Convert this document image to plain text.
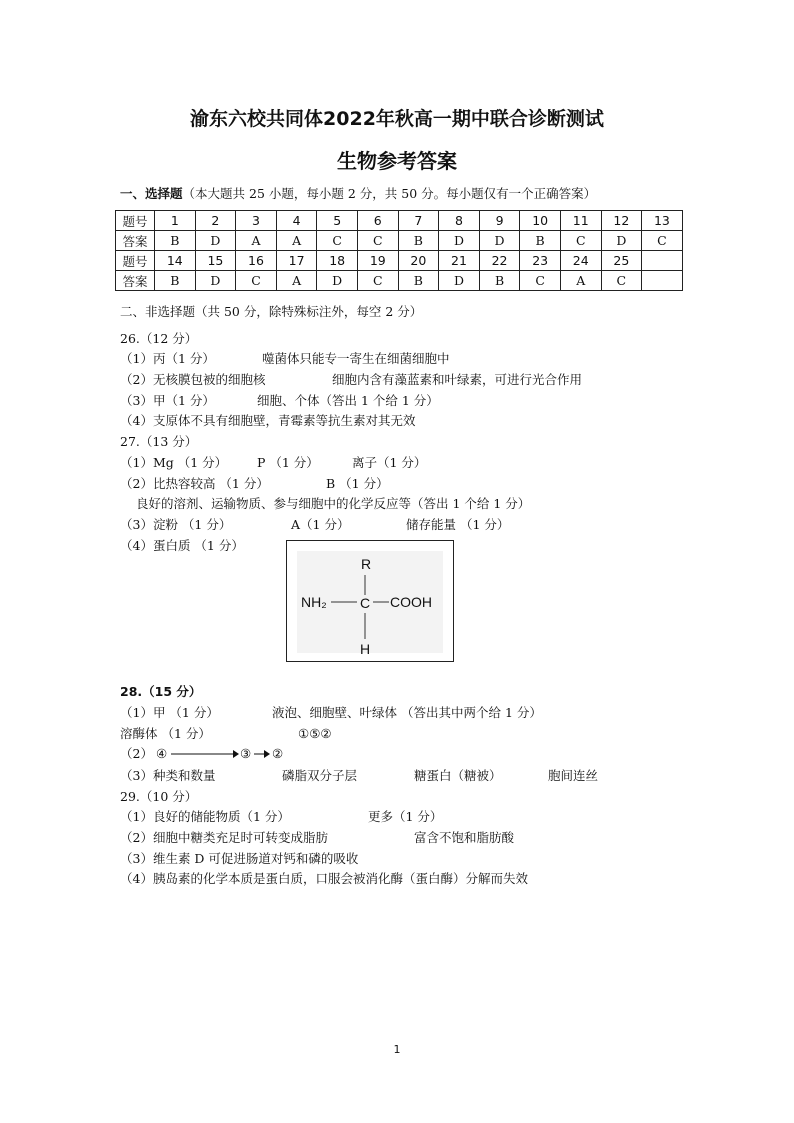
渝东六校共同体2022年秋高一期中联合诊断测试
生物参考答案
一、选择题（本大题共 25 小题，每小题 2 分，共 50 分。每小题仅有一个正确答案）
题号	1	2	3	4	5	6	7	8	9	10	11	12	13
答案	B	D	A	A	C	C	B	D	D	B	C	D	C
题号	14	15	16	17	18	19	20	21	22	23	24	25	
答案	B	D	C	A	D	C	B	D	B	C	A	C	
二、非选择题（共 50 分，除特殊标注外，每空 2 分）
26.（12 分）
（1）丙（1 分）	噬菌体只能专一寄生在细菌细胞中
（2）无核膜包被的细胞核	细胞内含有藻蓝素和叶绿素，可进行光合作用
（3）甲（1 分）	细胞、个体（答出 1 个给 1 分）
（4）支原体不具有细胞壁，青霉素等抗生素对其无效
27.（13 分）
（1）Mg （1 分） P （1 分）	离子（1 分）
（2）比热容较高 （1 分）	B （1 分）
良好的溶剂、运输物质、参与细胞中的化学反应等（答出 1 个给 1 分）
（3）淀粉 （1 分）	A（1 分）	储存能量 （1 分）
（4）蛋白质 （1 分）
R
NH₂ C COOH
H
28.（15 分）
（1）甲 （1 分）	液泡、细胞壁、叶绿体 （答出其中两个给 1 分）
溶酶体 （1 分）	①⑤②
（2） ④	③ ②
（3）种类和数量	磷脂双分子层	糖蛋白（糖被）	胞间连丝
29.（10 分）
（1）良好的储能物质（1 分）	更多（1 分）
（2）细胞中糖类充足时可转变成脂肪	富含不饱和脂肪酸
（3）维生素 D 可促进肠道对钙和磷的吸收
（4）胰岛素的化学本质是蛋白质，口服会被消化酶（蛋白酶）分解而失效
1
